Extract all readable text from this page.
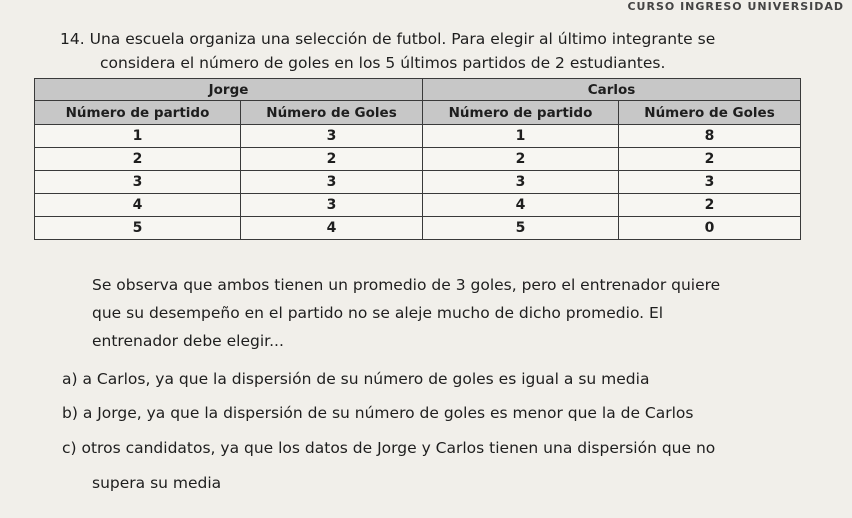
CURSO INGRESO UNIVERSIDAD
14. Una escuela organiza una selección de futbol. Para elegir al último integrante se
considera el número de goles en los 5 últimos partidos de 2 estudiantes.
Jorge		Carlos	
Número de partido	Número de Goles	Número de partido	Número de Goles
1	3	1	8
2	2	2	2
3	3	3	3
4	3	4	2
5	4	5	0
Se observa que ambos tienen un promedio de 3 goles, pero el entrenador quiere
que su desempeño en el partido no se aleje mucho de dicho promedio. El
entrenador debe elegir...
a) a Carlos, ya que la dispersión de su número de goles es igual a su media
b) a Jorge, ya que la dispersión de su número de goles es menor que la de Carlos
c) otros candidatos, ya que los datos de Jorge y Carlos tienen una dispersión que no
supera su media
